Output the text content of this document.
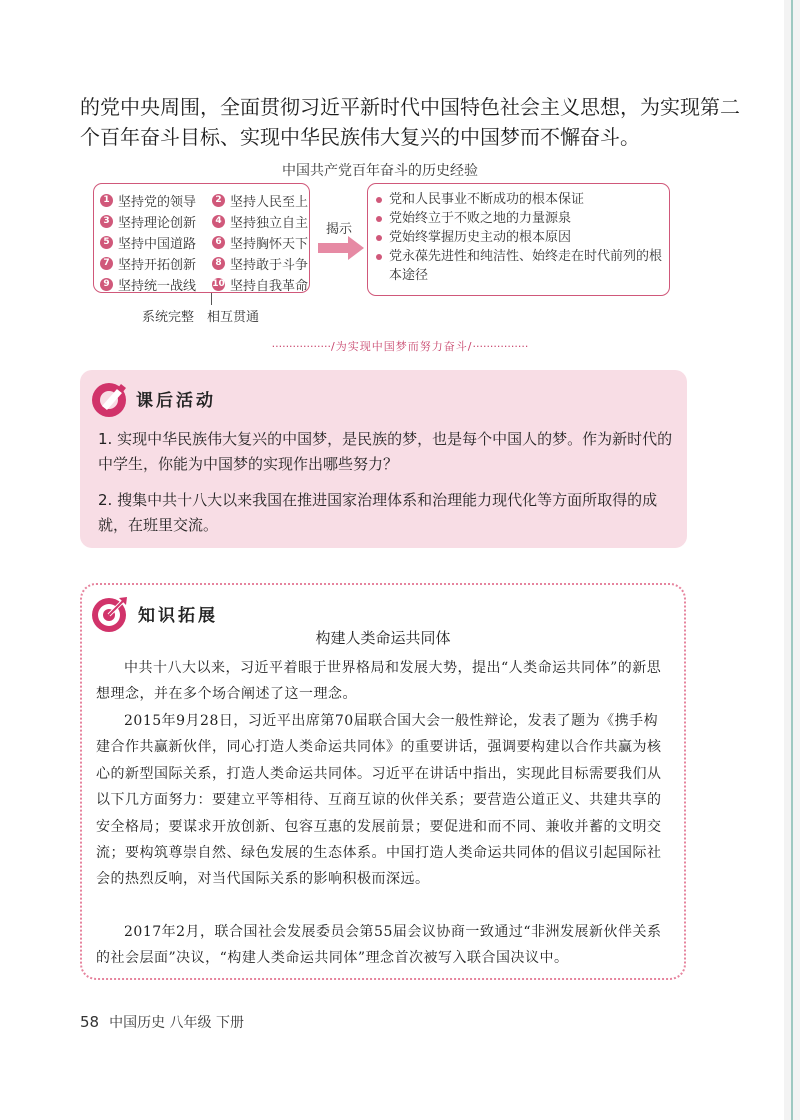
的党中央周围，全面贯彻习近平新时代中国特色社会主义思想，为实现第二
个百年奋斗目标、实现中华民族伟大复兴的中国梦而不懈奋斗。
中国共产党百年奋斗的历史经验
1 坚持党的领导	2 坚持人民至上
3 坚持理论创新	4 坚持独立自主
5 坚持中国道路	6 坚持胸怀天下
7 坚持开拓创新	8 坚持敢于斗争
9 坚持统一战线 10 坚持自我革命
系统完整 相互贯通
揭示
党和人民事业不断成功的根本保证
党始终立于不败之地的力量源泉
党始终掌握历史主动的根本原因
党永葆先进性和纯洁性、始终走在时代前列的根本途径
·················/为实现中国梦而努力奋斗/················
课后活动
1. 实现中华民族伟大复兴的中国梦，是民族的梦，也是每个中国人的梦。作为新时代的中学生，你能为中国梦的实现作出哪些努力？
2. 搜集中共十八大以来我国在推进国家治理体系和治理能力现代化等方面所取得的成就，在班里交流。
知识拓展
构建人类命运共同体
中共十八大以来，习近平着眼于世界格局和发展大势，提出“人类命运共同体”的新思想理念，并在多个场合阐述了这一理念。
2015年9月28日，习近平出席第70届联合国大会一般性辩论，发表了题为《携手构建合作共赢新伙伴，同心打造人类命运共同体》的重要讲话，强调要构建以合作共赢为核心的新型国际关系，打造人类命运共同体。习近平在讲话中指出，实现此目标需要我们从以下几方面努力：要建立平等相待、互商互谅的伙伴关系；要营造公道正义、共建共享的安全格局；要谋求开放创新、包容互惠的发展前景；要促进和而不同、兼收并蓄的文明交流；要构筑尊崇自然、绿色发展的生态体系。中国打造人类命运共同体的倡议引起国际社会的热烈反响，对当代国际关系的影响积极而深远。
2017年2月，联合国社会发展委员会第55届会议协商一致通过“非洲发展新伙伴关系的社会层面”决议，“构建人类命运共同体”理念首次被写入联合国决议中。
58 中国历史 八年级 下册
